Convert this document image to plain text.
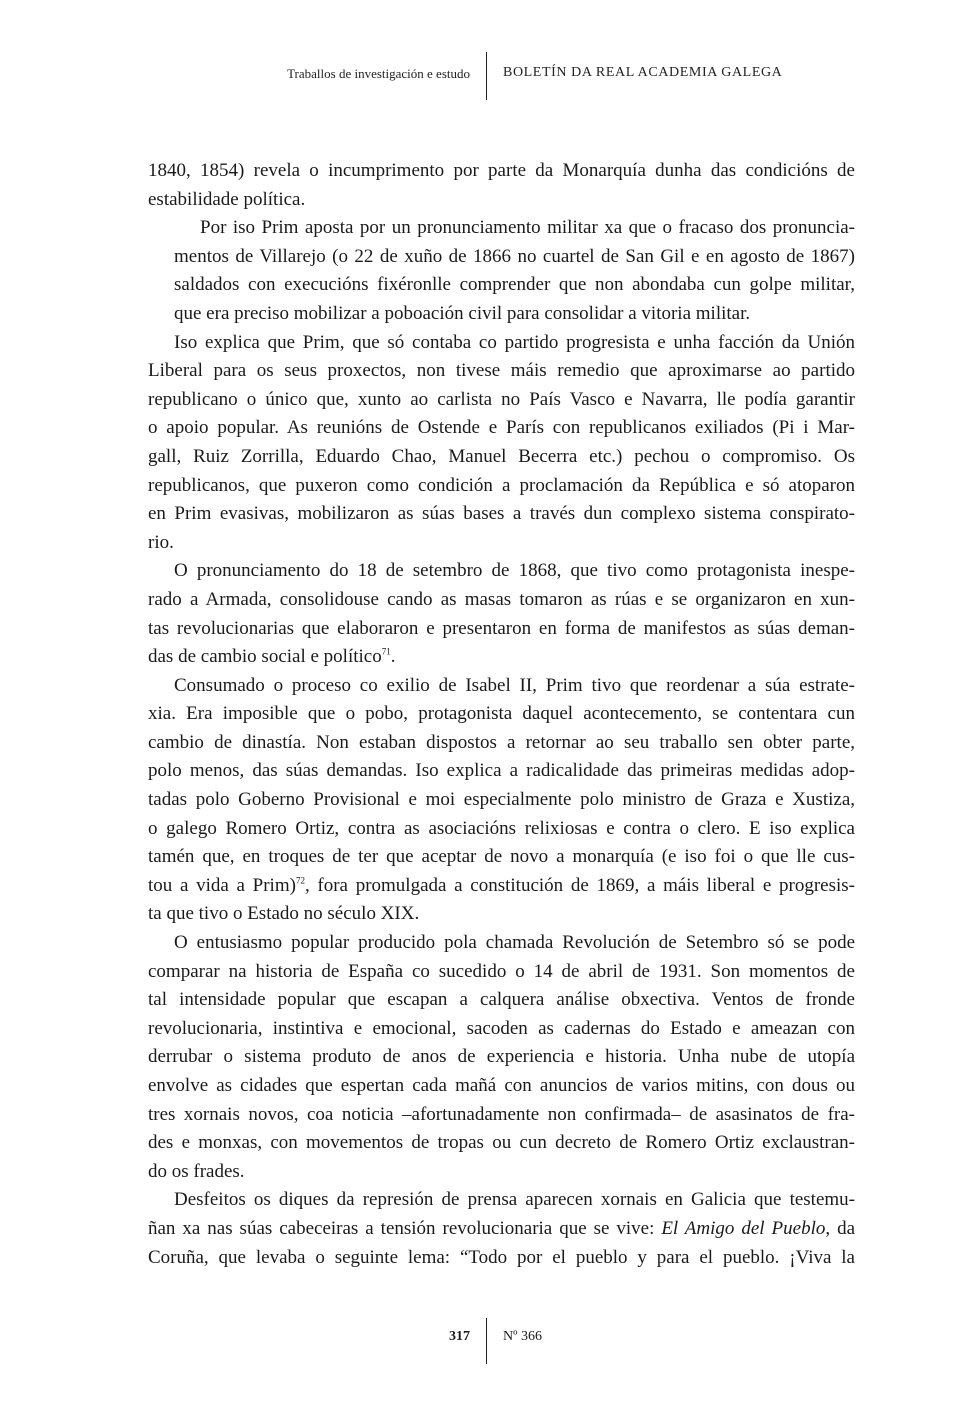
Traballos de investigación e estudo BOLETÍN DA REAL ACADEMIA GALEGA

1840, 1854) revela o incumprimento por parte da Monarquía dunha das condicións de
estabilidade política.

Por iso Prim aposta por un pronunciamento militar xa que o fracaso dos pronuncia-
mentos de Villarejo (o 22 de xuño de 1866 no cuartel de San Gil e en agosto de 1867)
saldados con execucións fixéronlle comprender que non abondaba cun golpe militar,
que era preciso mobilizar a poboación civil para consolidar a vitoria militar.

Iso explica que Prim, que só contaba co partido progresista e unha facción da Unión
Liberal para os seus proxectos, non tivese máis remedio que aproximarse ao partido
republicano o único que, xunto ao carlista no País Vasco e Navarra, lle podía garantir
o apoio popular. As reunións de Ostende e París con republicanos exiliados (Pi i Mar-
gall, Ruiz Zorrilla, Eduardo Chao, Manuel Becerra etc.) pechou o compromiso. Os
republicanos, que puxeron como condición a proclamación da República e só atoparon
en Prim evasivas, mobilizaron as súas bases a través dun complexo sistema conspirato-
rio.

O pronunciamento do 18 de setembro de 1868, que tivo como protagonista inespe-
rado a Armada, consolidouse cando as masas tomaron as rúas e se organizaron en xun-
tas revolucionarias que elaboraron e presentaron en forma de manifestos as súas deman-
das de cambio social e político$^{71}$.

Consumado o proceso co exilio de Isabel II, Prim tivo que reordenar a súa estrate-
xia. Era imposible que o pobo, protagonista daquel acontecemento, se contentara cun
cambio de dinastía. Non estaban dispostos a retornar ao seu traballo sen obter parte,
polo menos, das súas demandas. Iso explica a radicalidade das primeiras medidas adop-
tadas polo Goberno Provisional e moi especialmente polo ministro de Graza e Xustiza,
o galego Romero Ortiz, contra as asociacións relixiosas e contra o clero. E iso explica
tamén que, en troques de ter que aceptar de novo a monarquía (e iso foi o que lle cus-
tou a vida a Prim)$^{72}$, fora promulgada a constitución de 1869, a máis liberal e progresis-
ta que tivo o Estado no século XIX.

O entusiasmo popular producido pola chamada Revolución de Setembro só se pode
comparar na historia de España co sucedido o 14 de abril de 1931. Son momentos de
tal intensidade popular que escapan a calquera análise obxectiva. Ventos de fronde
revolucionaria, instintiva e emocional, sacoden as cadernas do Estado e ameazan con
derrubar o sistema produto de anos de experiencia e historia. Unha nube de utopía
envolve as cidades que espertan cada mañá con anuncios de varios mitins, con dous ou
tres xornais novos, coa noticia –afortunadamente non confirmada– de asasinatos de fra-
des e monxas, con movementos de tropas ou cun decreto de Romero Ortiz exclaustran-
do os frades.

Desfeitos os diques da represión de prensa aparecen xornais en Galicia que testemu-
ñan xa nas súas cabeceiras a tensión revolucionaria que se vive: El Amigo del Pueblo, da
Coruña, que levaba o seguinte lema: “Todo por el pueblo y para el pueblo. ¡Viva la

317 Nº 366
